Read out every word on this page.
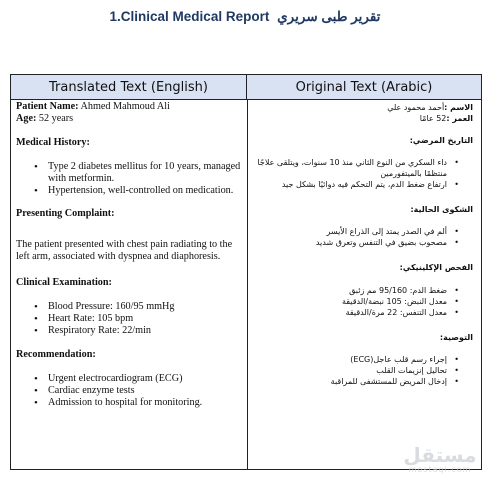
1.Clinical Medical Report تقرير طبى سريري
Translated Text (English)	Original Text (Arabic)

Patient Name: Ahmed Mahmoud Ali

Age: 52 years

Medical History:

• Type 2 diabetes mellitus for 10 years, managed with metformin.
• Hypertension, well-controlled on medication.

Presenting Complaint:

The patient presented with chest pain radiating to the left arm, associated with dyspnea and diaphoresis.

Clinical Examination:

• Blood Pressure: 160/95 mmHg
• Heart Rate: 105 bpm
• Respiratory Rate: 22/min

Recommendation:

• Urgent electrocardiogram (ECG)
• Cardiac enzyme tests
• Admission to hospital for monitoring.

الاسم :أحمد محمود علي

العمر :52 عامًا

التاريخ المرضي:

• داء السكري من النوع الثاني منذ 10 سنوات، ويتلقى علاجًا منتظمًا بالميتفورمين
• ارتفاع ضغط الدم، يتم التحكم فيه دوائيًا بشكل جيد

الشكوى الحالية:

• ألم في الصدر يمتد إلى الذراع الأيسر
• مصحوب بضيق في التنفس وتعرق شديد

الفحص الإكلينيكي:

• ضغط الدم: 95/160 مم زئبق
• معدل النبض: 105 نبضة/الدقيقة
• معدل التنفس: 22 مرة/الدقيقة

التوصية:

• إجراء رسم قلب عاجل(ECG)
• تحاليل إنزيمات القلب
• إدخال المريض للمستشفى للمراقبة
مستقل
mostaql.com
